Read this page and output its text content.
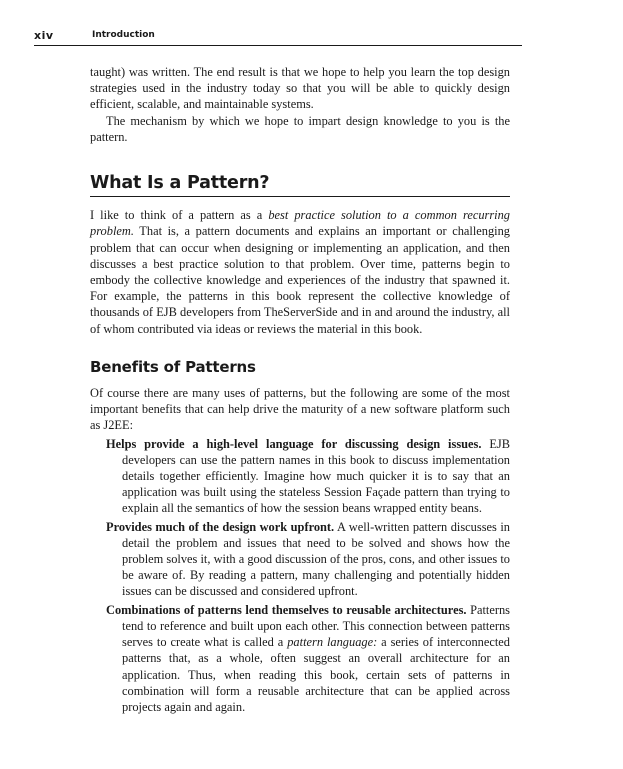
xiv	Introduction

taught) was written. The end result is that we hope to help you learn the top design strategies used in the industry today so that you will be able to quickly design efficient, scalable, and maintainable systems.

The mechanism by which we hope to impart design knowledge to you is the pattern.

What Is a Pattern?

I like to think of a pattern as a best practice solution to a common recurring problem. That is, a pattern documents and explains an important or challenging problem that can occur when designing or implementing an application, and then discusses a best practice solution to that problem. Over time, patterns begin to embody the collective knowledge and experiences of the industry that spawned it. For example, the patterns in this book represent the collective knowledge of thousands of EJB developers from TheServerSide and in and around the industry, all of whom contributed via ideas or reviews the material in this book.

Benefits of Patterns

Of course there are many uses of patterns, but the following are some of the most important benefits that can help drive the maturity of a new software platform such as J2EE:

Helps provide a high-level language for discussing design issues. EJB developers can use the pattern names in this book to discuss implementation details together efficiently. Imagine how much quicker it is to say that an application was built using the stateless Session Façade pattern than trying to explain all the semantics of how the session beans wrapped entity beans.

Provides much of the design work upfront. A well-written pattern discusses in detail the problem and issues that need to be solved and shows how the problem solves it, with a good discussion of the pros, cons, and other issues to be aware of. By reading a pattern, many challenging and potentially hidden issues can be discussed and considered upfront.

Combinations of patterns lend themselves to reusable architectures. Patterns tend to reference and built upon each other. This connection between patterns serves to create what is called a pattern language: a series of interconnected patterns that, as a whole, often suggest an overall architecture for an application. Thus, when reading this book, certain sets of patterns in combination will form a reusable architecture that can be applied across projects again and again.
